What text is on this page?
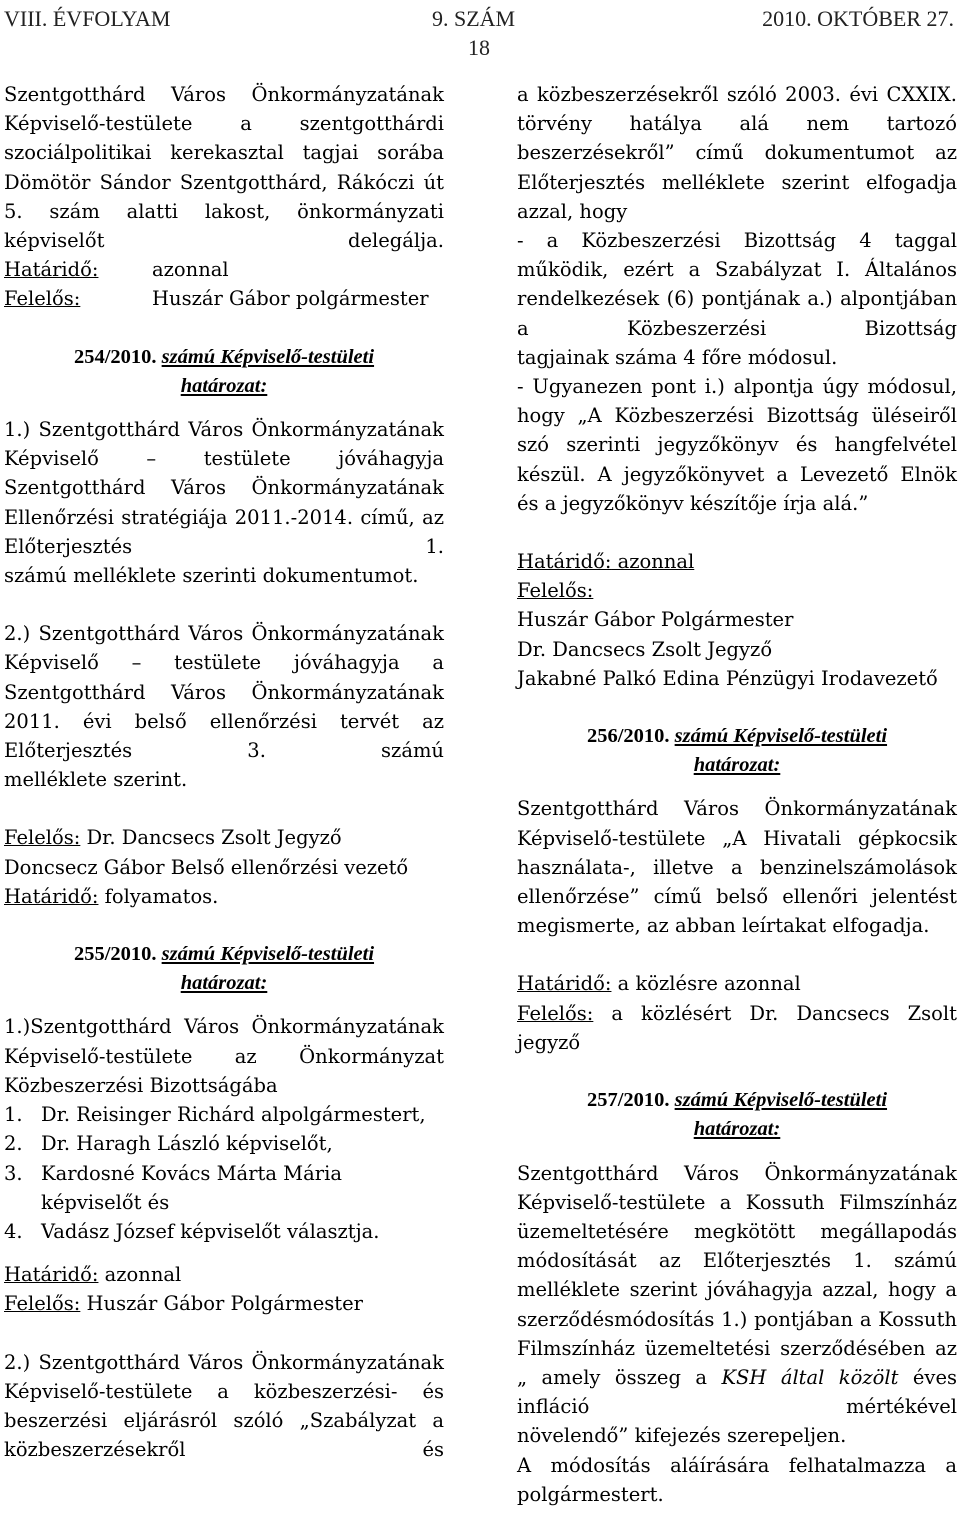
VIII. ÉVFOLYAM	9. SZÁM	2010. OKTÓBER 27.
18
Szentgotthárd Város Önkormányzatának Képviselő-testülete a szentgotthárdi szociálpolitikai kerekasztal tagjai sorába Dömötör Sándor Szentgotthárd, Rákóczi út 5. szám alatti lakost, önkormányzati képviselőt delegálja.
Határidő:	azonnal
Felelős:	Huszár Gábor polgármester
254/2010. számú Képviselő-testületi
határozat:
1.) Szentgotthárd Város Önkormányzatának Képviselő – testülete jóváhagyja Szentgotthárd Város Önkormányzatának Ellenőrzési stratégiája 2011.-2014. című, az Előterjesztés 1.
számú melléklete szerinti dokumentumot.
2.) Szentgotthárd Város Önkormányzatának Képviselő – testülete jóváhagyja a Szentgotthárd Város Önkormányzatának 2011. évi belső ellenőrzési tervét az Előterjesztés 3. számú
melléklete szerint.
Felelős: Dr. Dancsecs Zsolt Jegyző
Doncsecz Gábor Belső ellenőrzési vezető
Határidő: folyamatos.
255/2010. számú Képviselő-testületi
határozat:
1.)Szentgotthárd Város Önkormányzatának Képviselő-testülete az Önkormányzat
Közbeszerzési Bizottságába
1. Dr. Reisinger Richárd alpolgármestert,
2. Dr. Haragh László képviselőt,
3. Kardosné Kovács Márta Mária képviselőt és
4. Vadász József képviselőt választja.
Határidő: azonnal
Felelős: Huszár Gábor Polgármester
2.) Szentgotthárd Város Önkormányzatának Képviselő-testülete a közbeszerzési- és beszerzési eljárásról szóló „Szabályzat a közbeszerzésekről és
a közbeszerzésekről szóló 2003. évi CXXIX. törvény hatálya alá nem tartozó beszerzésekről” című dokumentumot az Előterjesztés melléklete szerint elfogadja
azzal, hogy
- a Közbeszerzési Bizottság 4 taggal működik, ezért a Szabályzat I. Általános rendelkezések (6) pontjának a.) alpontjában a Közbeszerzési Bizottság
tagjainak száma 4 főre módosul.
- Ugyanezen pont i.) alpontja úgy módosul, hogy „A Közbeszerzési Bizottság üléseiről szó szerinti jegyzőkönyv és hangfelvétel készül. A jegyzőkönyvet a Levezető Elnök
és a jegyzőkönyv készítője írja alá.”
Határidő: azonnal
Felelős:
Huszár Gábor Polgármester
Dr. Dancsecs Zsolt Jegyző
Jakabné Palkó Edina Pénzügyi Irodavezető
256/2010. számú Képviselő-testületi
határozat:
Szentgotthárd Város Önkormányzatának Képviselő-testülete „A Hivatali gépkocsik használata-, illetve a benzinelszámolások ellenőrzése” című belső ellenőri jelentést
megismerte, az abban leírtakat elfogadja.
Határidő: a közlésre azonnal
Felelős: a közlésért Dr. Dancsecs Zsolt
jegyző
257/2010. számú Képviselő-testületi
határozat:
Szentgotthárd Város Önkormányzatának Képviselő-testülete a Kossuth Filmszínház üzemeltetésére megkötött megállapodás módosítását az Előterjesztés 1. számú melléklete szerint jóváhagyja azzal, hogy a szerződésmódosítás 1.) pontjában a Kossuth Filmszínház üzemeltetési szerződésében az „ amely összeg a KSH által közölt éves infláció mértékével
növelendő” kifejezés szerepeljen.
A módosítás aláírására felhatalmazza a
polgármestert.
